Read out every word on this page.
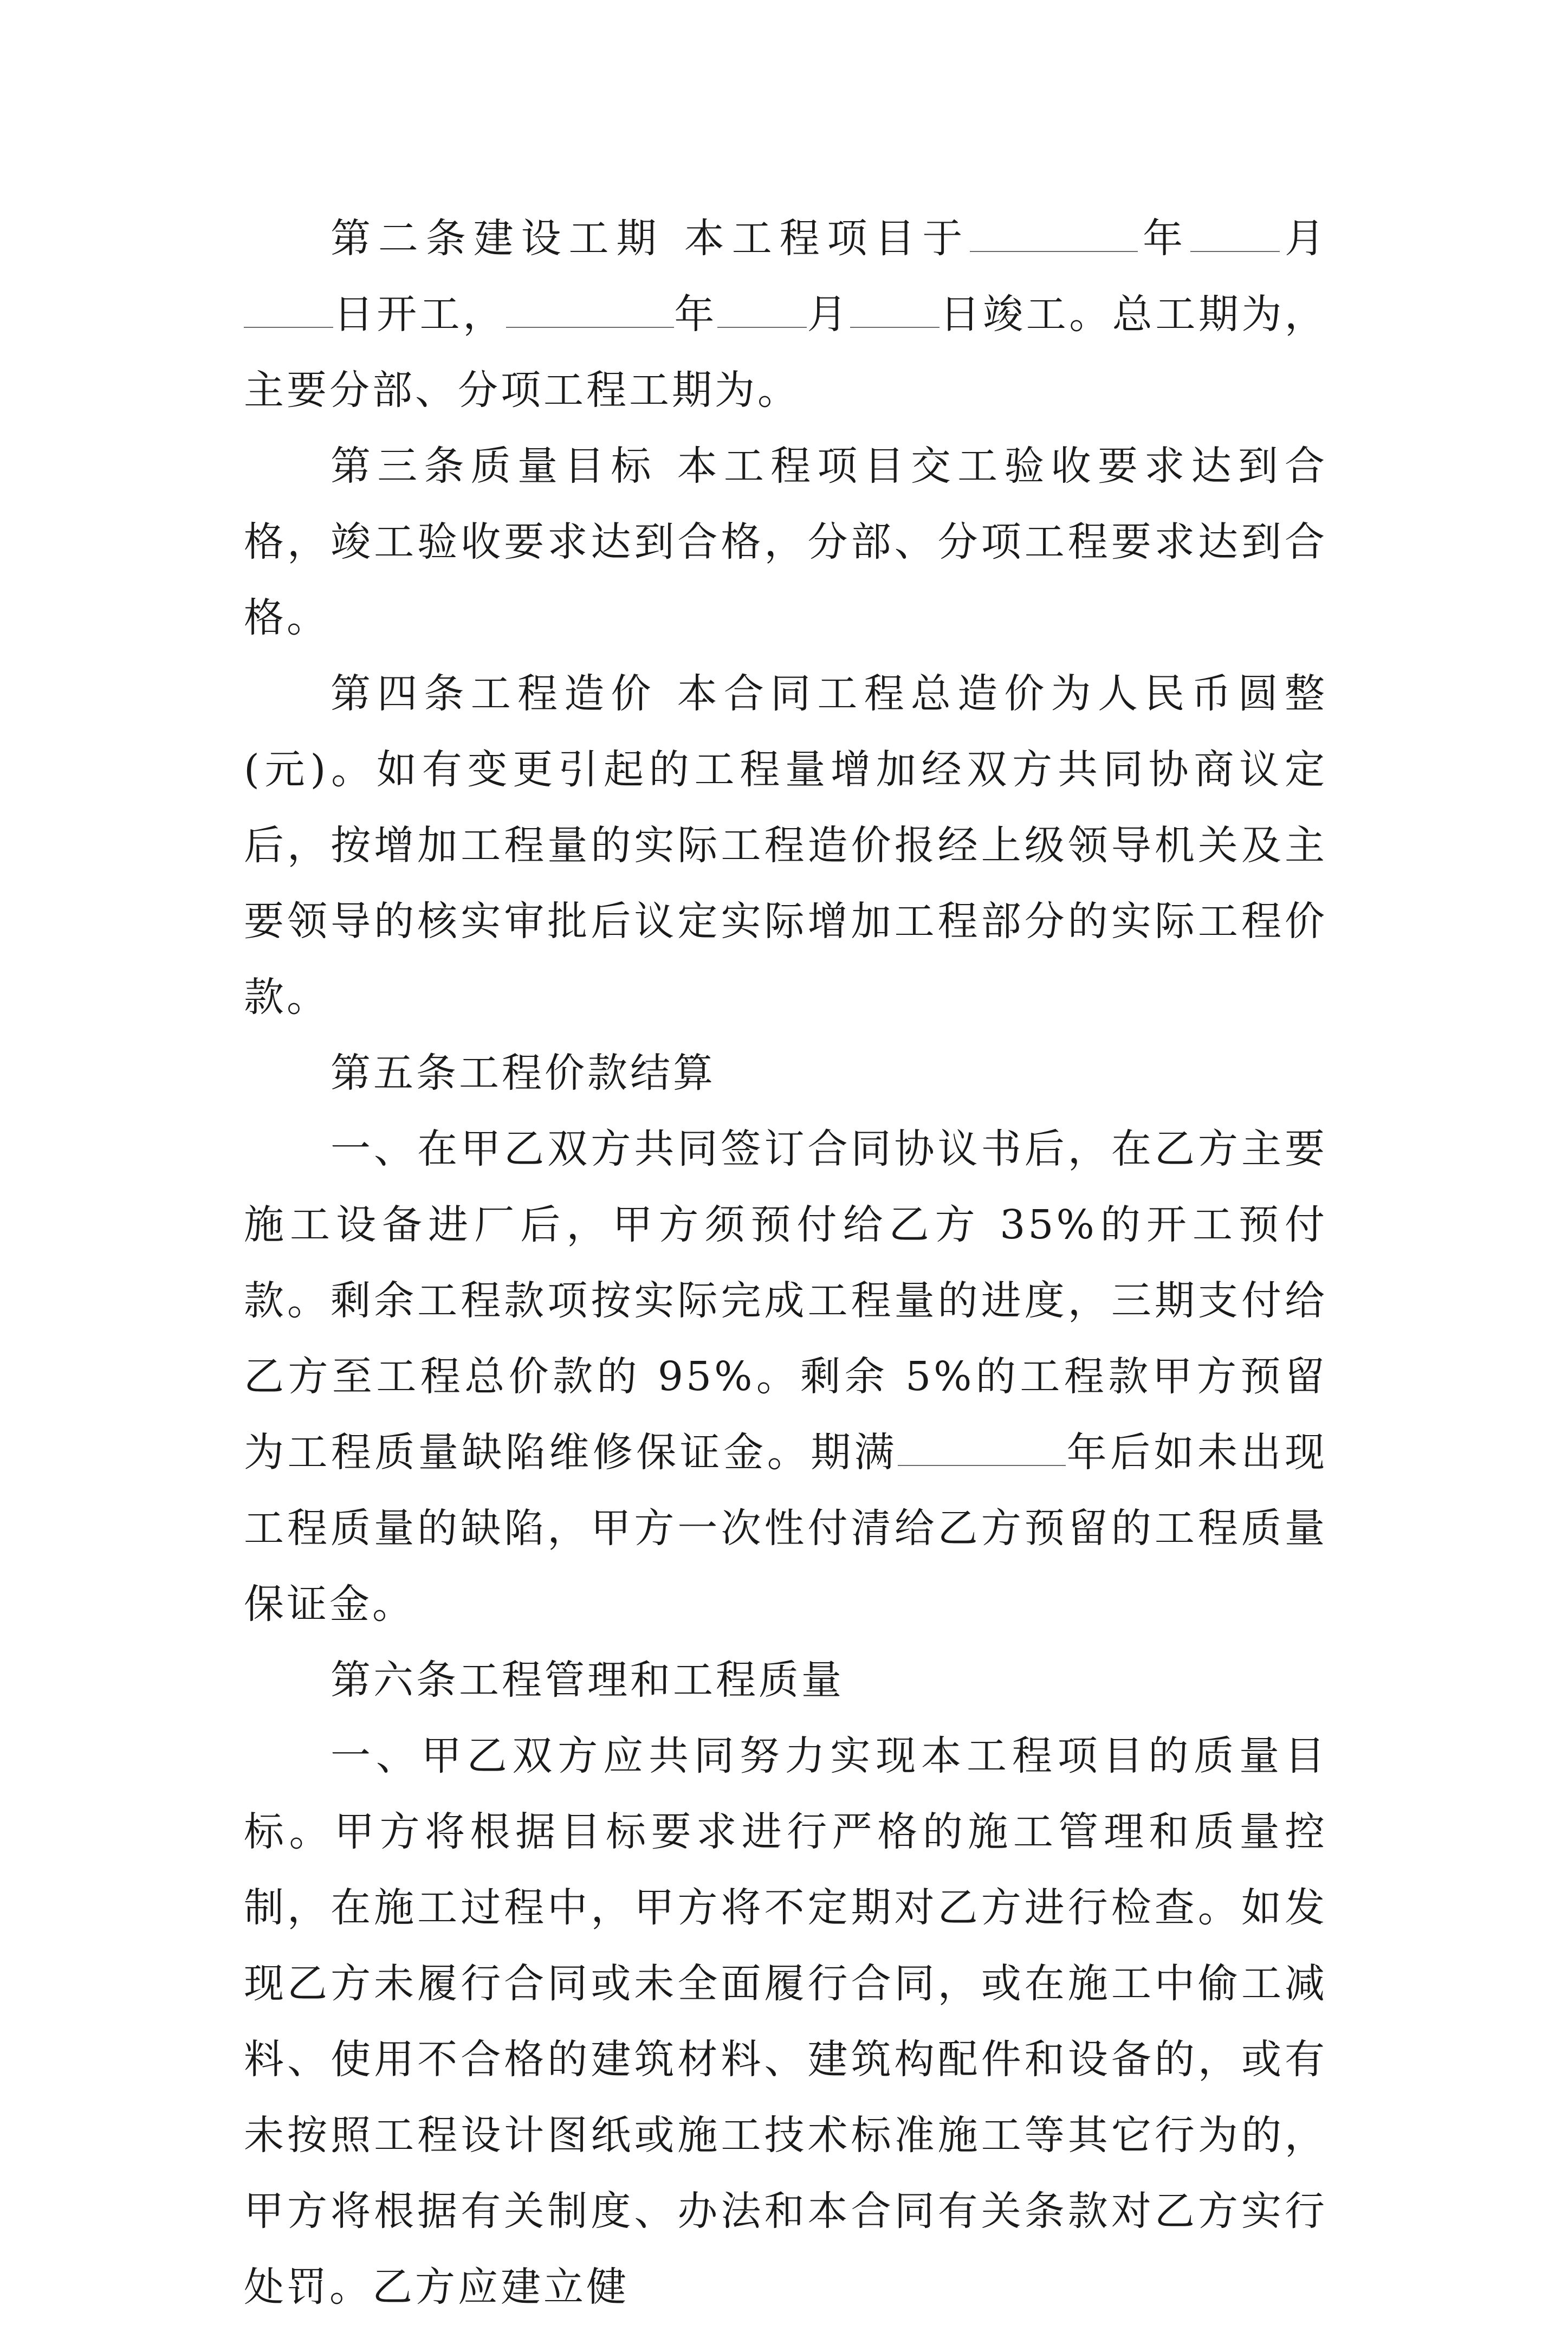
第二条建设工期 本工程项目于	年 月日开工，	年 月 日竣工。总工期为，主要分部、分项工程工期为。

第三条质量目标 本工程项目交工验收要求达到合格，竣工验收要求达到合格，分部、分项工程要求达到合格。

第四条工程造价 本合同工程总造价为人民币圆整(元)。如有变更引起的工程量增加经双方共同协商议定后，按增加工程量的实际工程造价报经上级领导机关及主要领导的核实审批后议定实际增加工程部分的实际工程价款。

第五条工程价款结算

一、在甲乙双方共同签订合同协议书后，在乙方主要施工设备进厂后，甲方须预付给乙方 35%的开工预付款。剩余工程款项按实际完成工程量的进度，三期支付给乙方至工程总价款的 95%。剩余 5%的工程款甲方预留为工程质量缺陷维修保证金。期满	年后如未出现工程质量的缺陷，甲方一次性付清给乙方预留的工程质量保证金。

第六条工程管理和工程质量

一、甲乙双方应共同努力实现本工程项目的质量目标。甲方将根据目标要求进行严格的施工管理和质量控制，在施工过程中，甲方将不定期对乙方进行检查。如发现乙方未履行合同或未全面履行合同，或在施工中偷工减料、使用不合格的建筑材料、建筑构配件和设备的，或有未按照工程设计图纸或施工技术标准施工等其它行为的，甲方将根据有关制度、办法和本合同有关条款对乙方实行处罚。乙方应建立健
